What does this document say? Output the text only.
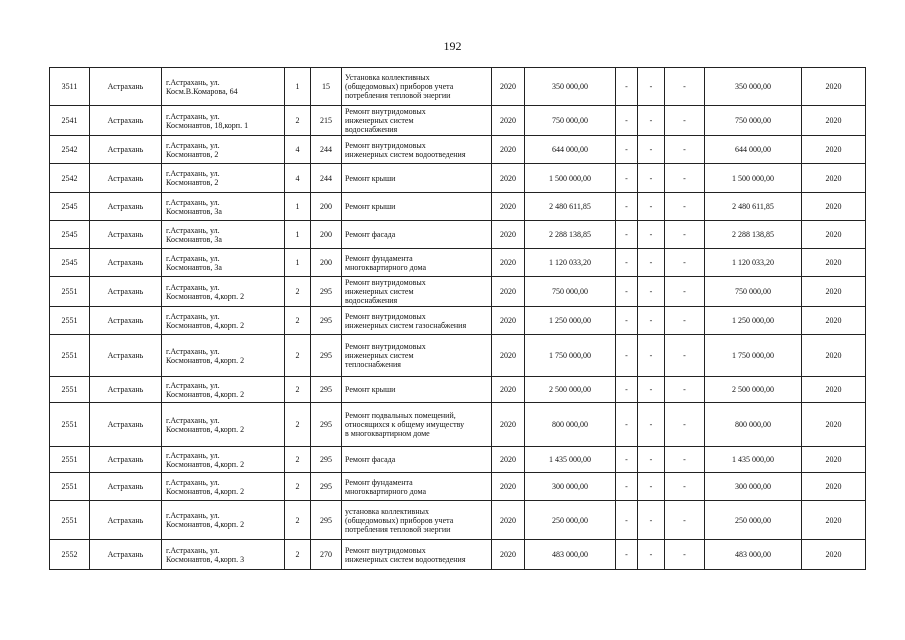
192
3511	Астрахань	г.Астрахань, ул.
Косм.В.Комарова, 64	1	15	Установка коллективных
(общедомовых) приборов учета
потребления тепловой энергии	2020	350 000,00	-	-	-	350 000,00	2020
2541	Астрахань	г.Астрахань, ул.
Космонавтов, 18,корп. 1	2	215	Ремонт внутридомовых
инженерных систем
водоснабжения	2020	750 000,00	-	-	-	750 000,00	2020
2542	Астрахань	г.Астрахань, ул.
Космонавтов, 2	4	244	Ремонт внутридомовых
инженерных систем водоотведения	2020	644 000,00	-	-	-	644 000,00	2020
2542	Астрахань	г.Астрахань, ул.
Космонавтов, 2	4	244	Ремонт крыши	2020	1 500 000,00	-	-	-	1 500 000,00	2020
2545	Астрахань	г.Астрахань, ул.
Космонавтов, 3а	1	200	Ремонт крыши	2020	2 480 611,85	-	-	-	2 480 611,85	2020
2545	Астрахань	г.Астрахань, ул.
Космонавтов, 3а	1	200	Ремонт фасада	2020	2 288 138,85	-	-	-	2 288 138,85	2020
2545	Астрахань	г.Астрахань, ул.
Космонавтов, 3а	1	200	Ремонт фундамента
многоквартирного дома	2020	1 120 033,20	-	-	-	1 120 033,20	2020
2551	Астрахань	г.Астрахань, ул.
Космонавтов, 4,корп. 2	2	295	Ремонт внутридомовых
инженерных систем
водоснабжения	2020	750 000,00	-	-	-	750 000,00	2020
2551	Астрахань	г.Астрахань, ул.
Космонавтов, 4,корп. 2	2	295	Ремонт внутридомовых
инженерных систем газоснабжения	2020	1 250 000,00	-	-	-	1 250 000,00	2020
2551	Астрахань	г.Астрахань, ул.
Космонавтов, 4,корп. 2	2	295	Ремонт внутридомовых
инженерных систем
теплоснабжения	2020	1 750 000,00	-	-	-	1 750 000,00	2020
2551	Астрахань	г.Астрахань, ул.
Космонавтов, 4,корп. 2	2	295	Ремонт крыши	2020	2 500 000,00	-	-	-	2 500 000,00	2020
2551	Астрахань	г.Астрахань, ул.
Космонавтов, 4,корп. 2	2	295	Ремонт подвальных помещений,
относящихся к общему имуществу
в многоквартирном доме	2020	800 000,00	-	-	-	800 000,00	2020
2551	Астрахань	г.Астрахань, ул.
Космонавтов, 4,корп. 2	2	295	Ремонт фасада	2020	1 435 000,00	-	-	-	1 435 000,00	2020
2551	Астрахань	г.Астрахань, ул.
Космонавтов, 4,корп. 2	2	295	Ремонт фундамента
многоквартирного дома	2020	300 000,00	-	-	-	300 000,00	2020
2551	Астрахань	г.Астрахань, ул.
Космонавтов, 4,корп. 2	2	295	установка коллективных
(общедомовых) приборов учета
потребления тепловой энергии	2020	250 000,00	-	-	-	250 000,00	2020
2552	Астрахань	г.Астрахань, ул.
Космонавтов, 4,корп. 3	2	270	Ремонт внутридомовых
инженерных систем водоотведения	2020	483 000,00	-	-	-	483 000,00	2020
